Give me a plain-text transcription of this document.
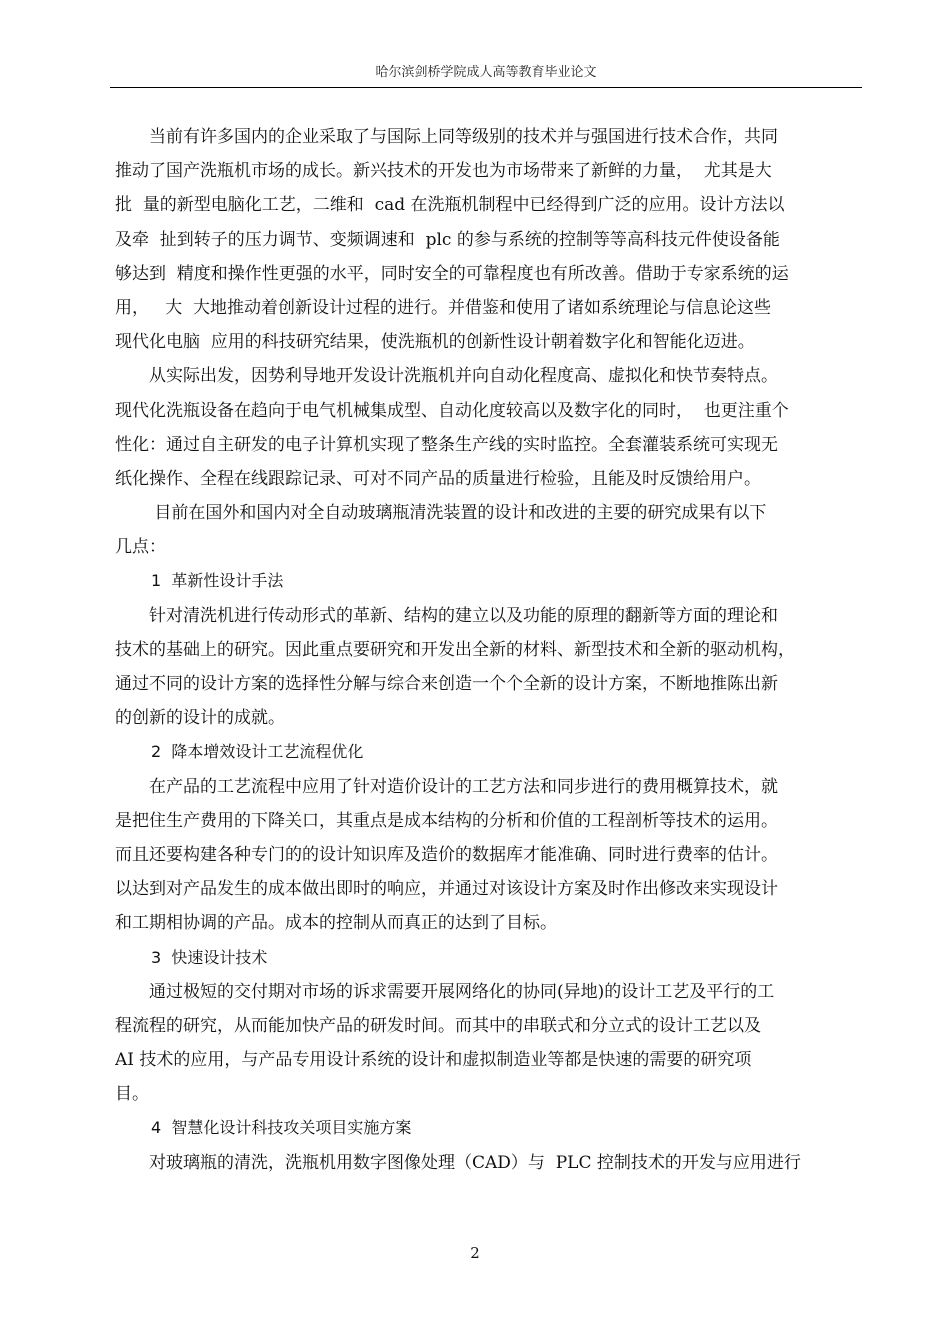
哈尔滨剑桥学院成人高等教育毕业论文
当前有许多国内的企业采取了与国际上同等级别的技术并与强国进行技术合作，共同
推动了国产洗瓶机市场的成长。新兴技术的开发也为市场带来了新鲜的力量，  尤其是大
批  量的新型电脑化工艺，二维和  cad 在洗瓶机制程中已经得到广泛的应用。设计方法以
及牵  扯到转子的压力调节、变频调速和  plc 的参与系统的控制等等高科技元件使设备能
够达到  精度和操作性更强的水平，同时安全的可靠程度也有所改善。借助于专家系统的运
用，   大  大地推动着创新设计过程的进行。并借鉴和使用了诸如系统理论与信息论这些
现代化电脑  应用的科技研究结果，使洗瓶机的创新性设计朝着数字化和智能化迈进。
从实际出发，因势利导地开发设计洗瓶机并向自动化程度高、虚拟化和快节奏特点。
现代化洗瓶设备在趋向于电气机械集成型、自动化度较高以及数字化的同时，  也更注重个
性化：通过自主研发的电子计算机实现了整条生产线的实时监控。全套灌装系统可实现无
纸化操作、全程在线跟踪记录、可对不同产品的质量进行检验，且能及时反馈给用户。
目前在国外和国内对全自动玻璃瓶清洗装置的设计和改进的主要的研究成果有以下
几点：
1  革新性设计手法
针对清洗机进行传动形式的革新、结构的建立以及功能的原理的翻新等方面的理论和
技术的基础上的研究。因此重点要研究和开发出全新的材料、新型技术和全新的驱动机构，
通过不同的设计方案的选择性分解与综合来创造一个个全新的设计方案，不断地推陈出新
的创新的设计的成就。
2  降本增效设计工艺流程优化
在产品的工艺流程中应用了针对造价设计的工艺方法和同步进行的费用概算技术，就
是把住生产费用的下降关口，其重点是成本结构的分析和价值的工程剖析等技术的运用。
而且还要构建各种专门的的设计知识库及造价的数据库才能准确、同时进行费率的估计。
以达到对产品发生的成本做出即时的响应，并通过对该设计方案及时作出修改来实现设计
和工期相协调的产品。成本的控制从而真正的达到了目标。
3  快速设计技术
通过极短的交付期对市场的诉求需要开展网络化的协同(异地)的设计工艺及平行的工
程流程的研究，从而能加快产品的研发时间。而其中的串联式和分立式的设计工艺以及
AI 技术的应用，与产品专用设计系统的设计和虚拟制造业等都是快速的需要的研究项
目。
4  智慧化设计科技攻关项目实施方案
对玻璃瓶的清洗，洗瓶机用数字图像处理（CAD）与  PLC 控制技术的开发与应用进行
2
